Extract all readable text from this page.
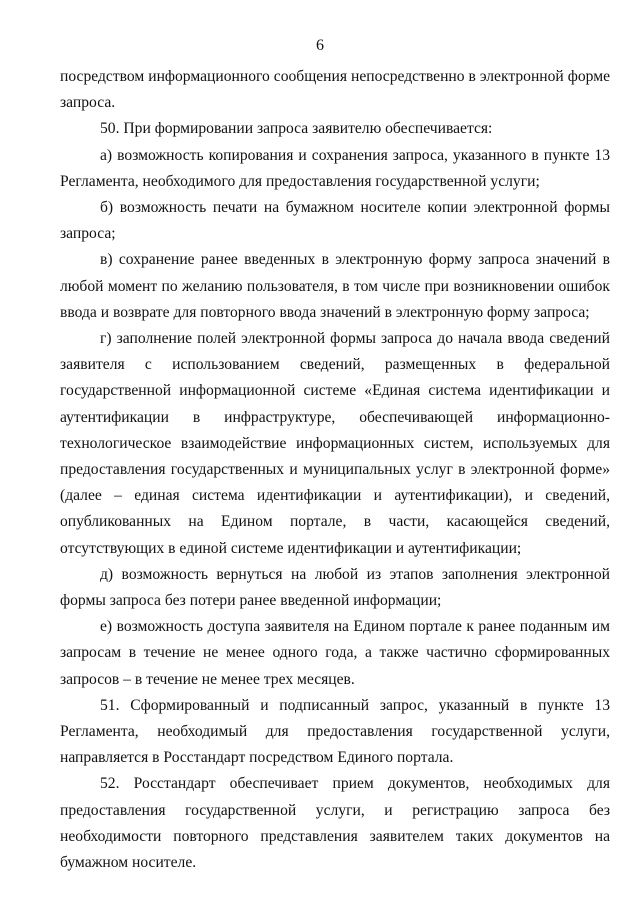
6

посредством информационного сообщения непосредственно в электронной форме запроса.

50. При формировании запроса заявителю обеспечивается:

а) возможность копирования и сохранения запроса, указанного в пункте 13 Регламента, необходимого для предоставления государственной услуги;

б) возможность печати на бумажном носителе копии электронной формы запроса;

в) сохранение ранее введенных в электронную форму запроса значений в любой момент по желанию пользователя, в том числе при возникновении ошибок ввода и возврате для повторного ввода значений в электронную форму запроса;

г) заполнение полей электронной формы запроса до начала ввода сведений заявителя с использованием сведений, размещенных в федеральной государственной информационной системе «Единая система идентификации и аутентификации в инфраструктуре, обеспечивающей информационно-технологическое взаимодействие информационных систем, используемых для предоставления государственных и муниципальных услуг в электронной форме» (далее – единая система идентификации и аутентификации), и сведений, опубликованных на Едином портале, в части, касающейся сведений, отсутствующих в единой системе идентификации и аутентификации;

д) возможность вернуться на любой из этапов заполнения электронной формы запроса без потери ранее введенной информации;

е) возможность доступа заявителя на Едином портале к ранее поданным им запросам в течение не менее одного года, а также частично сформированных запросов – в течение не менее трех месяцев.

51. Сформированный и подписанный запрос, указанный в пункте 13 Регламента, необходимый для предоставления государственной услуги, направляется в Росстандарт посредством Единого портала.

52. Росстандарт обеспечивает прием документов, необходимых для предоставления государственной услуги, и регистрацию запроса без необходимости повторного представления заявителем таких документов на бумажном носителе.
